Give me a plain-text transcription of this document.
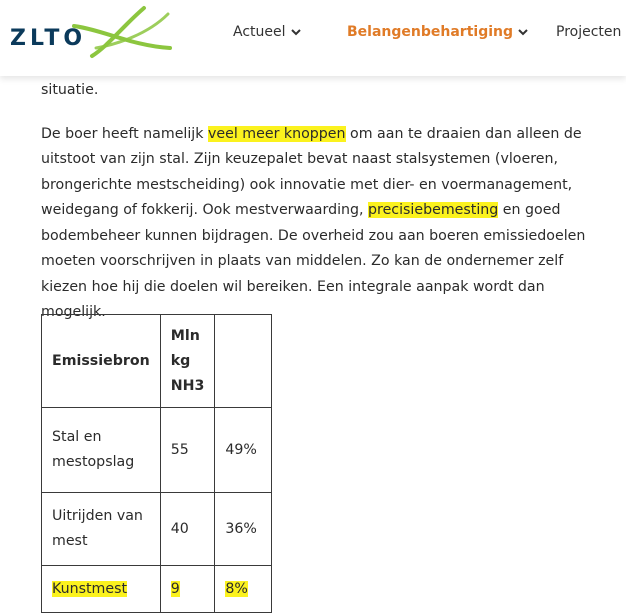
ZLTO	Actueel	Belangenbehartiging	Projecten

situatie.

De boer heeft namelijk veel meer knoppen om aan te draaien dan alleen de uitstoot van zijn stal. Zijn keuzepalet bevat naast stalsystemen (vloeren, brongerichte mestscheiding) ook innovatie met dier- en voermanagement, weidegang of fokkerij. Ook mestverwaarding, precisiebemesting en goed bodembeheer kunnen bijdragen. De overheid zou aan boeren emissiedoelen moeten voorschrijven in plaats van middelen. Zo kan de ondernemer zelf kiezen hoe hij die doelen wil bereiken. Een integrale aanpak wordt dan mogelijk.

Emissiebron	Mln kg NH3	
Stal en mestopslag	55	49%
Uitrijden van mest	40	36%
Kunstmest	9	8%
